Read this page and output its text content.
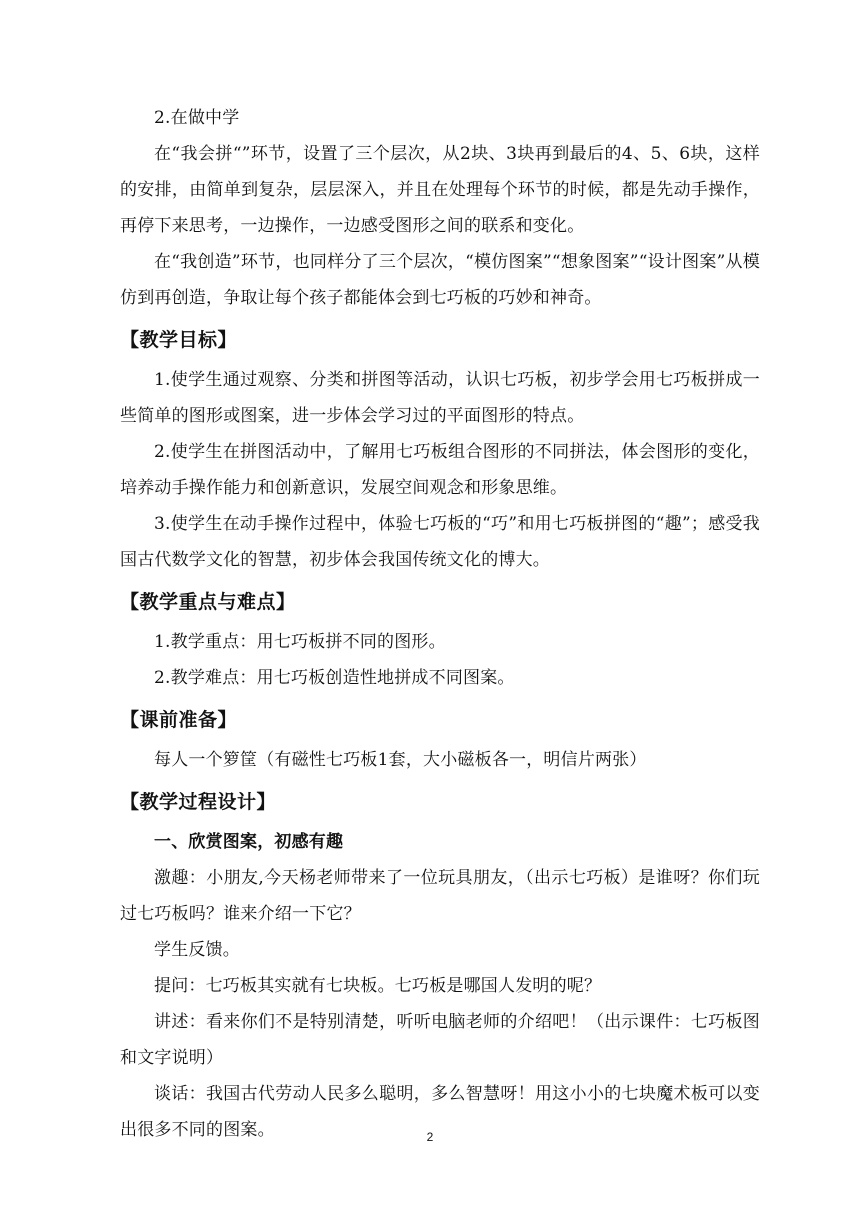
2.在做中学

在“我会拼“”环节，设置了三个层次，从2块、3块再到最后的4、5、6块，这样的安排，由简单到复杂，层层深入，并且在处理每个环节的时候，都是先动手操作，再停下来思考，一边操作，一边感受图形之间的联系和变化。

在“我创造”环节，也同样分了三个层次，“模仿图案”“想象图案”“设计图案”从模仿到再创造，争取让每个孩子都能体会到七巧板的巧妙和神奇。

【教学目标】

1.使学生通过观察、分类和拼图等活动，认识七巧板，初步学会用七巧板拼成一些简单的图形或图案，进一步体会学习过的平面图形的特点。

2.使学生在拼图活动中，了解用七巧板组合图形的不同拼法，体会图形的变化，培养动手操作能力和创新意识，发展空间观念和形象思维。

3.使学生在动手操作过程中，体验七巧板的“巧”和用七巧板拼图的“趣”；感受我国古代数学文化的智慧，初步体会我国传统文化的博大。

【教学重点与难点】

1.教学重点：用七巧板拼不同的图形。

2.教学难点：用七巧板创造性地拼成不同图案。

【课前准备】

每人一个箩筐（有磁性七巧板1套，大小磁板各一，明信片两张）

【教学过程设计】

一、欣赏图案，初感有趣

激趣：小朋友,今天杨老师带来了一位玩具朋友，（出示七巧板）是谁呀？你们玩过七巧板吗？谁来介绍一下它？

学生反馈。

提问：七巧板其实就有七块板。七巧板是哪国人发明的呢？

讲述：看来你们不是特别清楚，听听电脑老师的介绍吧！（出示课件：七巧板图和文字说明）

谈话：我国古代劳动人民多么聪明，多么智慧呀！用这小小的七块魔术板可以变出很多不同的图案。	2
